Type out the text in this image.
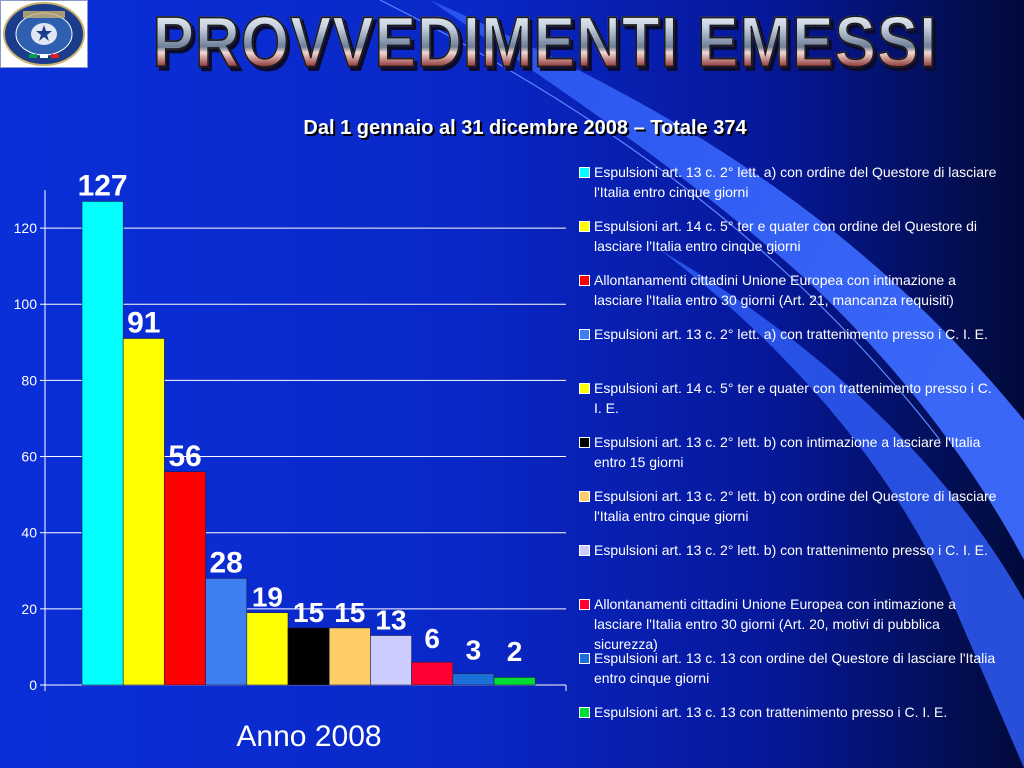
PROVVEDIMENTI EMESSI
Dal 1 gennaio al 31 dicembre 2008 – Totale 374
0
20
40
60
80
100
120
127
91
56
28
19 15 15 13
6 3 2
Anno 2008
Espulsioni art. 13 c. 2° lett. a) con ordine del Questore di lasciare l'Italia entro cinque giorni
Espulsioni art. 14 c. 5° ter e quater con ordine del Questore di lasciare l'Italia entro cinque giorni
Allontanamenti cittadini Unione Europea con intimazione a lasciare l'Italia entro 30 giorni (Art. 21, mancanza requisiti)
Espulsioni art. 13 c. 2° lett. a) con trattenimento presso i C. I. E.
Espulsioni art. 14 c. 5° ter e quater con trattenimento presso i C. I. E.
Espulsioni art. 13 c. 2° lett. b) con intimazione a lasciare l'Italia entro 15 giorni
Espulsioni art. 13 c. 2° lett. b) con ordine del Questore di lasciare l'Italia entro cinque giorni
Espulsioni art. 13 c. 2° lett. b) con trattenimento presso i C. I. E.
Allontanamenti cittadini Unione Europea con intimazione a lasciare l'Italia entro 30 giorni (Art. 20, motivi di pubblica sicurezza)
Espulsioni art. 13 c. 13 con ordine del Questore di lasciare l'Italia entro cinque giorni
Espulsioni art. 13 c. 13 con trattenimento presso i C. I. E.
